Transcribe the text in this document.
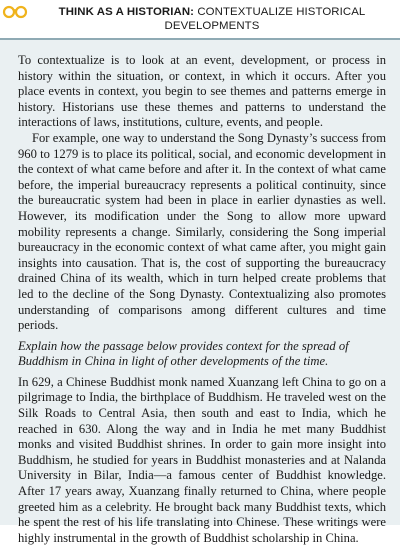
THINK AS A HISTORIAN: CONTEXTUALIZE HISTORICAL DEVELOPMENTS

To contextualize is to look at an event, development, or process in history within the situation, or context, in which it occurs. After you place events in context, you begin to see themes and patterns emerge in history. Historians use these themes and patterns to understand the interactions of laws, institutions, culture, events, and people.

For example, one way to understand the Song Dynasty’s success from 960 to 1279 is to place its political, social, and economic development in the context of what came before and after it. In the context of what came before, the imperial bureaucracy represents a political continuity, since the bureaucratic system had been in place in earlier dynasties as well. However, its modification under the Song to allow more upward mobility represents a change. Similarly, considering the Song imperial bureaucracy in the economic context of what came after, you might gain insights into causation. That is, the cost of supporting the bureaucracy drained China of its wealth, which in turn helped create problems that led to the decline of the Song Dynasty. Contextualizing also promotes understanding of comparisons among different cultures and time periods.

Explain how the passage below provides context for the spread of Buddhism in China in light of other developments of the time.

In 629, a Chinese Buddhist monk named Xuanzang left China to go on a pilgrimage to India, the birthplace of Buddhism. He traveled west on the Silk Roads to Central Asia, then south and east to India, which he reached in 630. Along the way and in India he met many Buddhist monks and visited Buddhist shrines. In order to gain more insight into Buddhism, he studied for years in Buddhist monasteries and at Nalanda University in Bilar, India—a famous center of Buddhist knowledge. After 17 years away, Xuanzang finally returned to China, where people greeted him as a celebrity. He brought back many Buddhist texts, which he spent the rest of his life translating into Chinese. These writings were highly instrumental in the growth of Buddhist scholarship in China.
